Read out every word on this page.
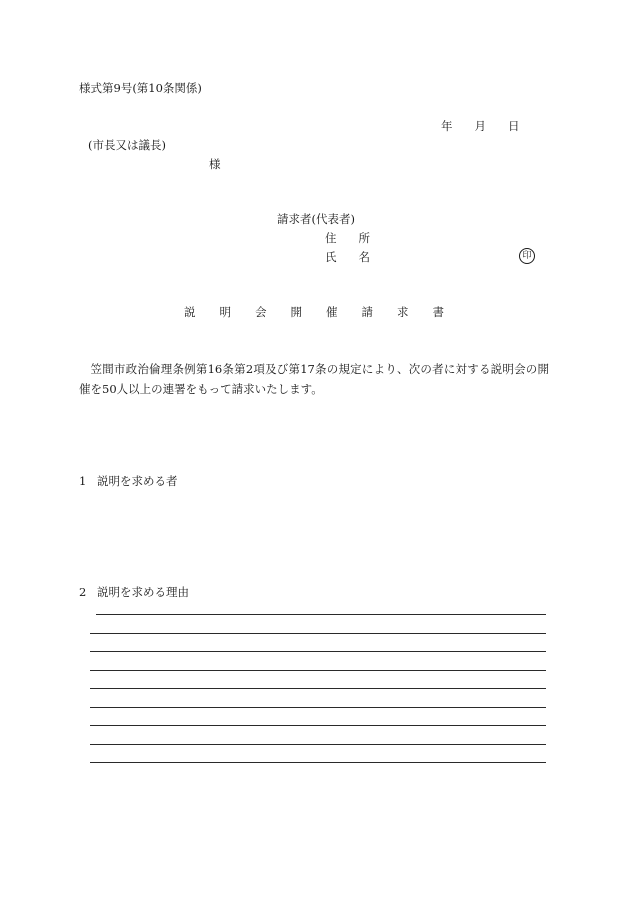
様式第9号(第10条関係)
年 月 日
(市長又は議長)
様
請求者(代表者)
住 所
氏 名	印
説 明 会 開 催 請 求 書
笠間市政治倫理条例第16条第2項及び第17条の規定により、次の者に対する説明会の開催を50人以上の連署をもって請求いたします。
1 説明を求める者
2 説明を求める理由
